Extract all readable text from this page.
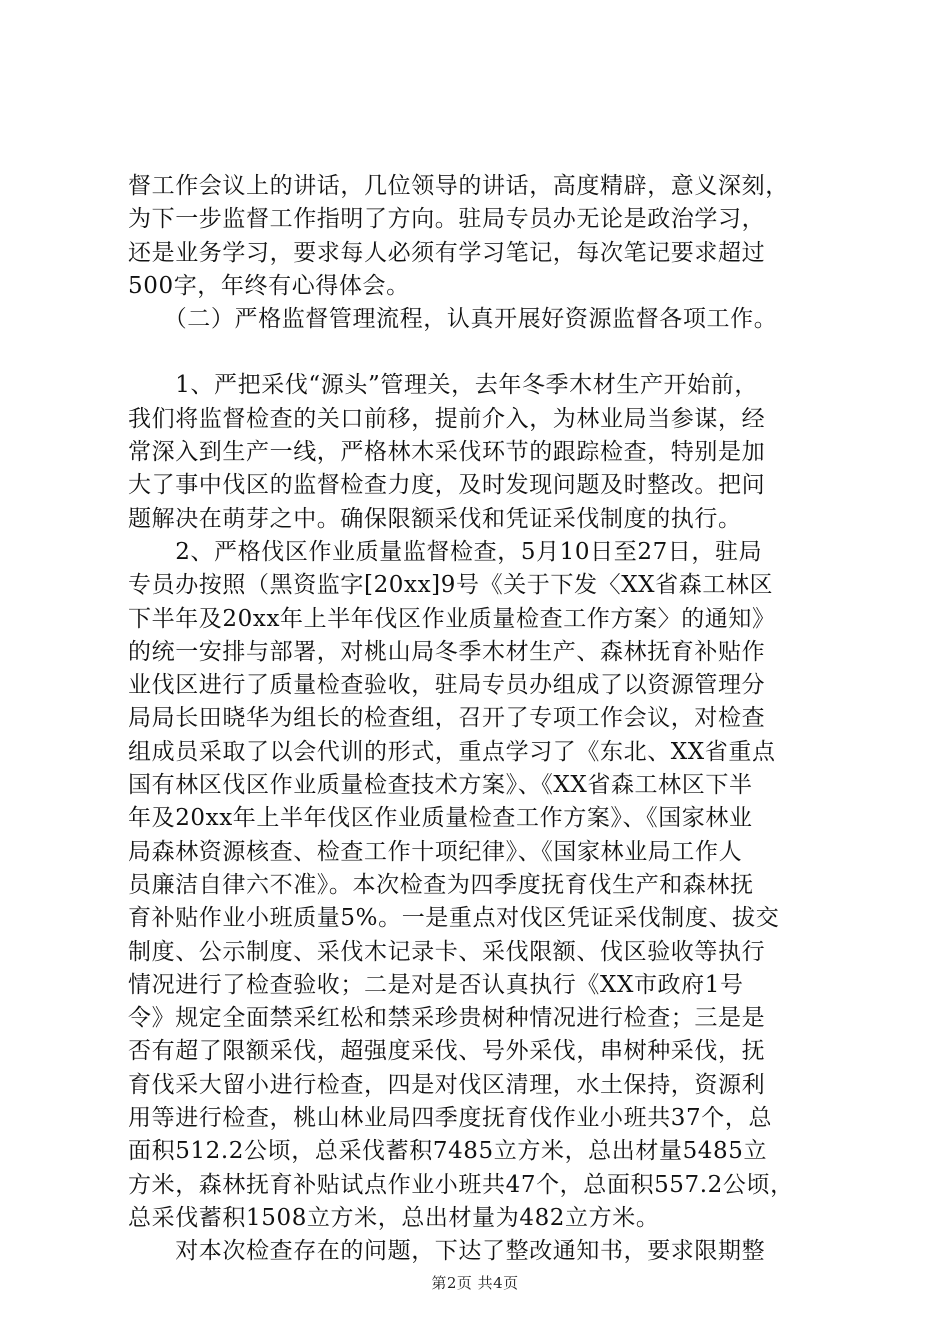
督工作会议上的讲话，几位领导的讲话，高度精辟，意义深刻，
为下一步监督工作指明了方向。驻局专员办无论是政治学习，
还是业务学习，要求每人必须有学习笔记，每次笔记要求超过
500字，年终有心得体会。
　　（二）严格监督管理流程，认真开展好资源监督各项工作。
　　1、严把采伐“源头”管理关，去年冬季木材生产开始前，
我们将监督检查的关口前移，提前介入，为林业局当参谋，经
常深入到生产一线，严格林木采伐环节的跟踪检查，特别是加
大了事中伐区的监督检查力度，及时发现问题及时整改。把问
题解决在萌芽之中。确保限额采伐和凭证采伐制度的执行。
　　2、严格伐区作业质量监督检查，5月10日至27日，驻局
专员办按照（黑资监字[20xx]9号《关于下发〈XX省森工林区
下半年及20xx年上半年伐区作业质量检查工作方案〉的通知》
的统一安排与部署，对桃山局冬季木材生产、森林抚育补贴作
业伐区进行了质量检查验收，驻局专员办组成了以资源管理分
局局长田晓华为组长的检查组，召开了专项工作会议，对检查
组成员采取了以会代训的形式，重点学习了《东北、XX省重点
国有林区伐区作业质量检查技术方案》、《XX省森工林区下半
年及20xx年上半年伐区作业质量检查工作方案》、《国家林业
局森林资源核查、检查工作十项纪律》、《国家林业局工作人
员廉洁自律六不准》。本次检查为四季度抚育伐生产和森林抚
育补贴作业小班质量5%。一是重点对伐区凭证采伐制度、拔交
制度、公示制度、采伐木记录卡、采伐限额、伐区验收等执行
情况进行了检查验收；二是对是否认真执行《XX市政府1号
令》规定全面禁采红松和禁采珍贵树种情况进行检查；三是是
否有超了限额采伐，超强度采伐、号外采伐，串树种采伐，抚
育伐采大留小进行检查，四是对伐区清理，水土保持，资源利
用等进行检查，桃山林业局四季度抚育伐作业小班共37个，总
面积512.2公顷，总采伐蓄积7485立方米，总出材量5485立
方米，森林抚育补贴试点作业小班共47个，总面积557.2公顷，
总采伐蓄积1508立方米，总出材量为482立方米。
　　对本次检查存在的问题，下达了整改通知书，要求限期整
第2页 共4页
